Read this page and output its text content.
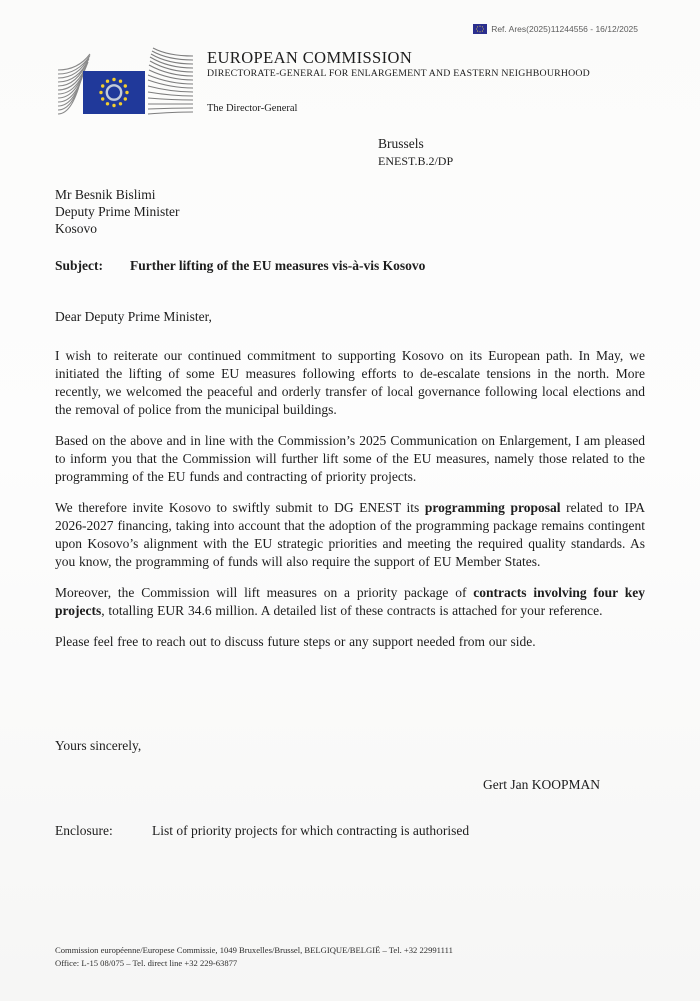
Ref. Ares(2025)11244556 - 16/12/2025
EUROPEAN COMMISSION
DIRECTORATE-GENERAL FOR ENLARGEMENT AND EASTERN NEIGHBOURHOOD
The Director-General
Brussels
ENEST.B.2/DP
Mr Besnik Bislimi
Deputy Prime Minister
Kosovo
Subject:	Further lifting of the EU measures vis-à-vis Kosovo
Dear Deputy Prime Minister,

I wish to reiterate our continued commitment to supporting Kosovo on its European path. In May, we initiated the lifting of some EU measures following efforts to de-escalate tensions in the north. More recently, we welcomed the peaceful and orderly transfer of local governance following local elections and the removal of police from the municipal buildings.

Based on the above and in line with the Commission’s 2025 Communication on Enlargement, I am pleased to inform you that the Commission will further lift some of the EU measures, namely those related to the programming of the EU funds and contracting of priority projects.

We therefore invite Kosovo to swiftly submit to DG ENEST its programming proposal related to IPA 2026-2027 financing, taking into account that the adoption of the programming package remains contingent upon Kosovo’s alignment with the EU strategic priorities and meeting the required quality standards. As you know, the programming of funds will also require the support of EU Member States.

Moreover, the Commission will lift measures on a priority package of contracts involving four key projects, totalling EUR 34.6 million. A detailed list of these contracts is attached for your reference.

Please feel free to reach out to discuss future steps or any support needed from our side.

Yours sincerely,
Gert Jan KOOPMAN
Enclosure:	List of priority projects for which contracting is authorised
Commission européenne/Europese Commissie, 1049 Bruxelles/Brussel, BELGIQUE/BELGIË – Tel. +32 22991111
Office: L-15 08/075 – Tel. direct line +32 229-63877
